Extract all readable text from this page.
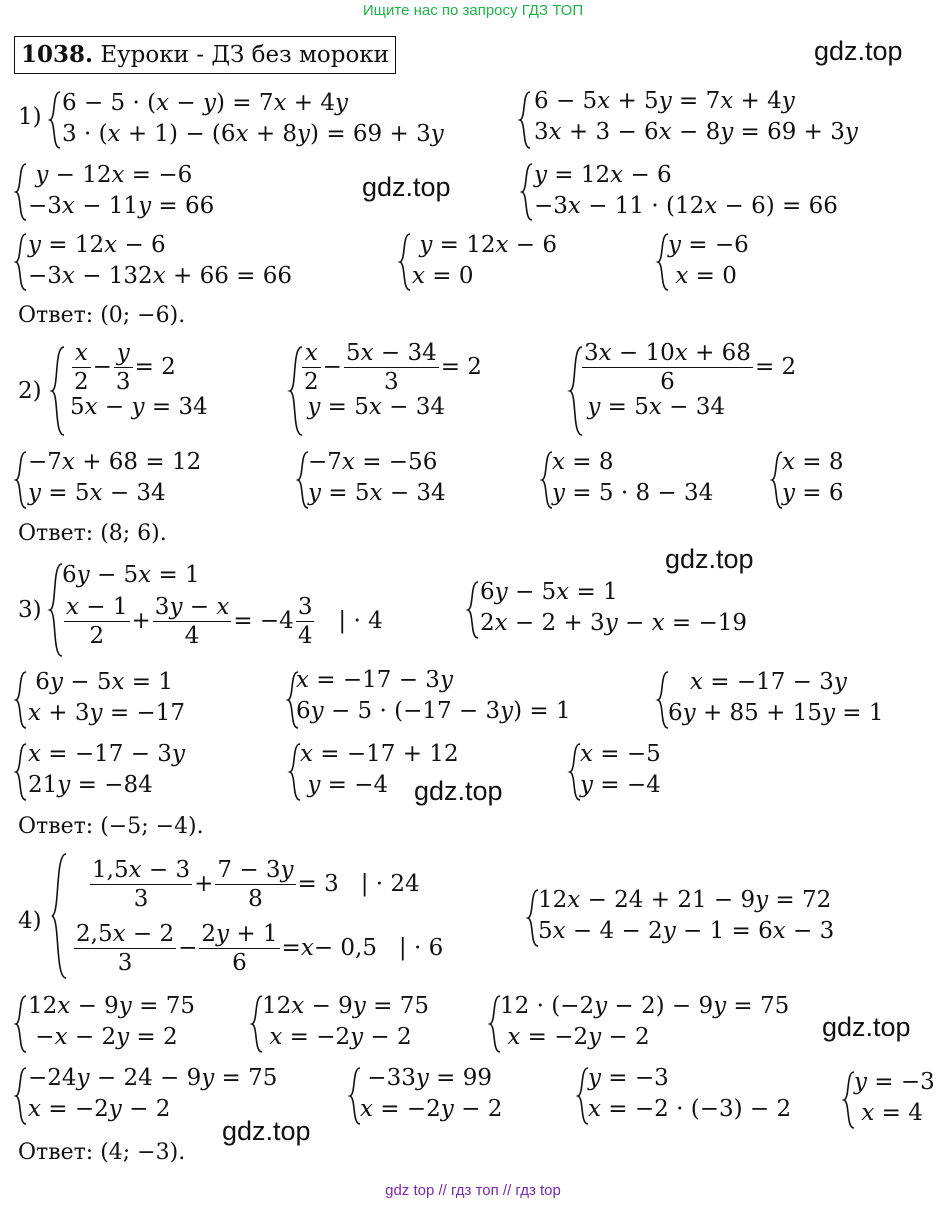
Ищите нас по запросу ГДЗ ТОП
1038. Еуроки - ДЗ без мороки	gdz.top
gdz.top
gdz.top
gdz.top
gdz.top
gdz.top
1)
6 − 5 · (x − y) = 7x + 4y
3 · (x + 1) − (6x + 8y) = 69 + 3y
6 − 5x + 5y = 7x + 4y
3x + 3 − 6x − 8y = 69 + 3y
y − 12x = −6
−3x − 11y = 66
y = 12x − 6
−3x − 11 · (12x − 6) = 66
y = 12x − 6
−3x − 132x + 66 = 66
y = 12x − 6
x = 0
y = −6
x = 0
Ответ: (0; −6).
$2) \frac{x}{2} - \frac{y}{3} = 2$
5x − y = 34
$\frac{x}{2} - \frac{5x - 34}{3} = 2$
y = 5x − 34
$\frac{3x - 10x + 68}{6} = 2$
y = 5x − 34
−7x + 68 = 12
y = 5x − 34
−7x = −56
y = 5x − 34
x = 8
y = 5 · 8 − 34
x = 8
y = 6
Ответ: (8; 6).
3)
6y − 5x = 1
$\frac{x - 1}{2} + \frac{3y - x}{4} = -4 \frac{3}{4}$ | · 4
6y − 5x = 1
2x − 2 + 3y − x = −19
6y − 5x = 1
x + 3y = −17
x = −17 − 3y
6y − 5 · (−17 − 3y) = 1
x = −17 − 3y
6y + 85 + 15y = 1
x = −17 − 3y
21y = −84
x = −17 + 12
y = −4
x = −5
y = −4
Ответ: (−5; −4).
4)
$\frac{1,5x - 3}{3} + \frac{7 - 3y}{8} = 3$   | · 24
$\frac{2,5x - 2}{3} - \frac{2y + 1}{6} = x - 0,5$   | · 6
12x − 24 + 21 − 9y = 72
5x − 4 − 2y − 1 = 6x − 3
12x − 9y = 75
−x − 2y = 2
12x − 9y = 75
x = −2y − 2
12 · (−2y − 2) − 9y = 75
x = −2y − 2
−24y − 24 − 9y = 75
x = −2y − 2
−33y = 99
x = −2y − 2
y = −3
x = −2 · (−3) − 2
y = −3
x = 4
Ответ: (4; −3).
gdz top // гдз топ // гдз top
